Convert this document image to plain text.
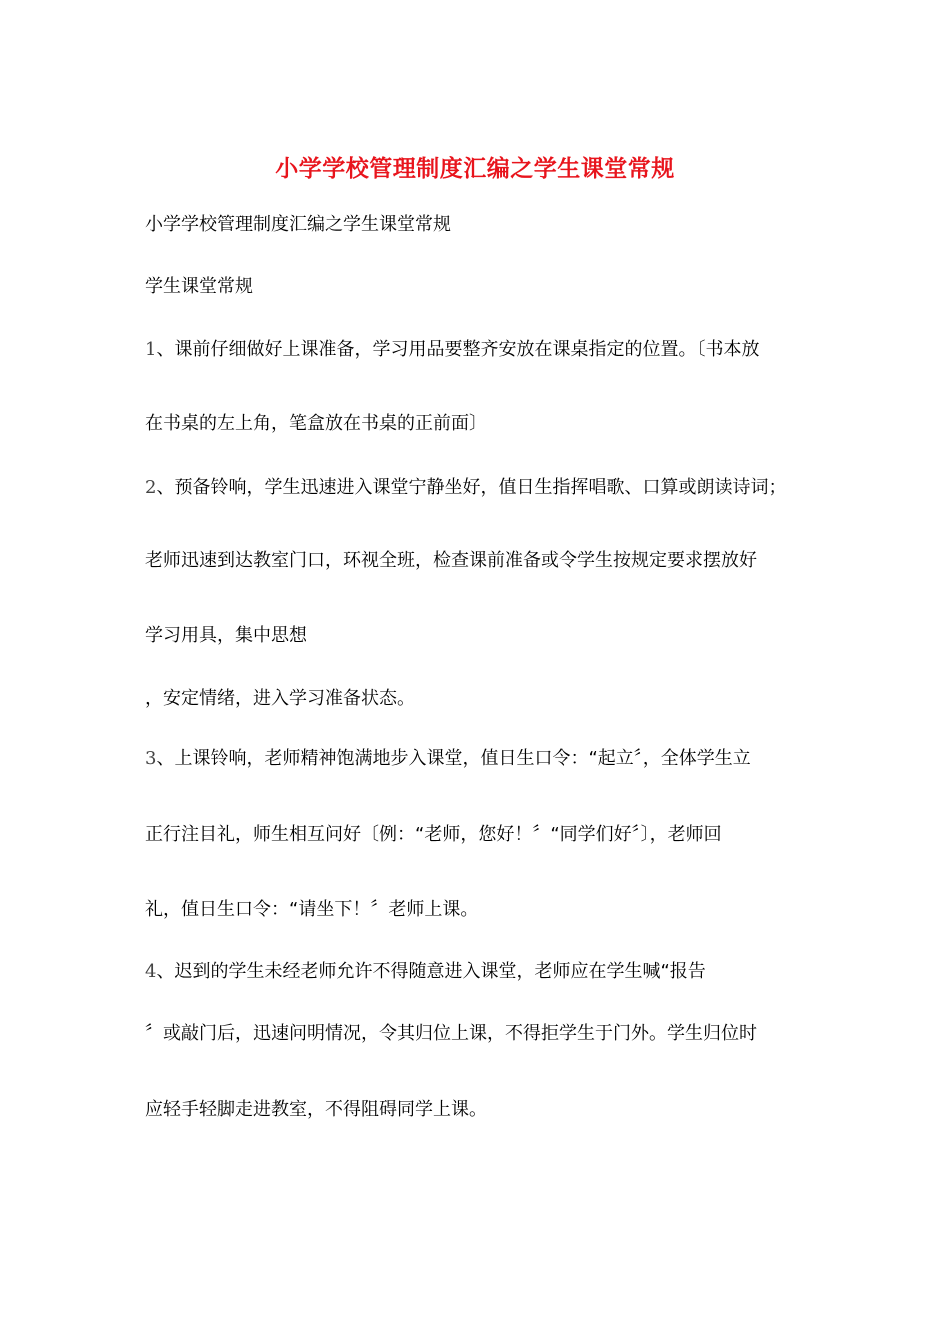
小学学校管理制度汇编之学生课堂常规
小学学校管理制度汇编之学生课堂常规
学生课堂常规
1、课前仔细做好上课准备，学习用品要整齐安放在课桌指定的位置。〔书本放
在书桌的左上角，笔盒放在书桌的正前面〕
2、预备铃响，学生迅速进入课堂宁静坐好，值日生指挥唱歌、口算或朗读诗词；
老师迅速到达教室门口，环视全班，检查课前准备或令学生按规定要求摆放好
学习用具，集中思想
，安定情绪，进入学习准备状态。
3、上课铃响，老师精神饱满地步入课堂，值日生口令：“起立〞，全体学生立
正行注目礼，师生相互问好〔例：“老师，您好！〞“同学们好〞〕，老师回
礼，值日生口令：“请坐下！〞老师上课。
4、迟到的学生未经老师允许不得随意进入课堂，老师应在学生喊“报告
〞或敲门后，迅速问明情况，令其归位上课，不得拒学生于门外。学生归位时
应轻手轻脚走进教室，不得阻碍同学上课。
